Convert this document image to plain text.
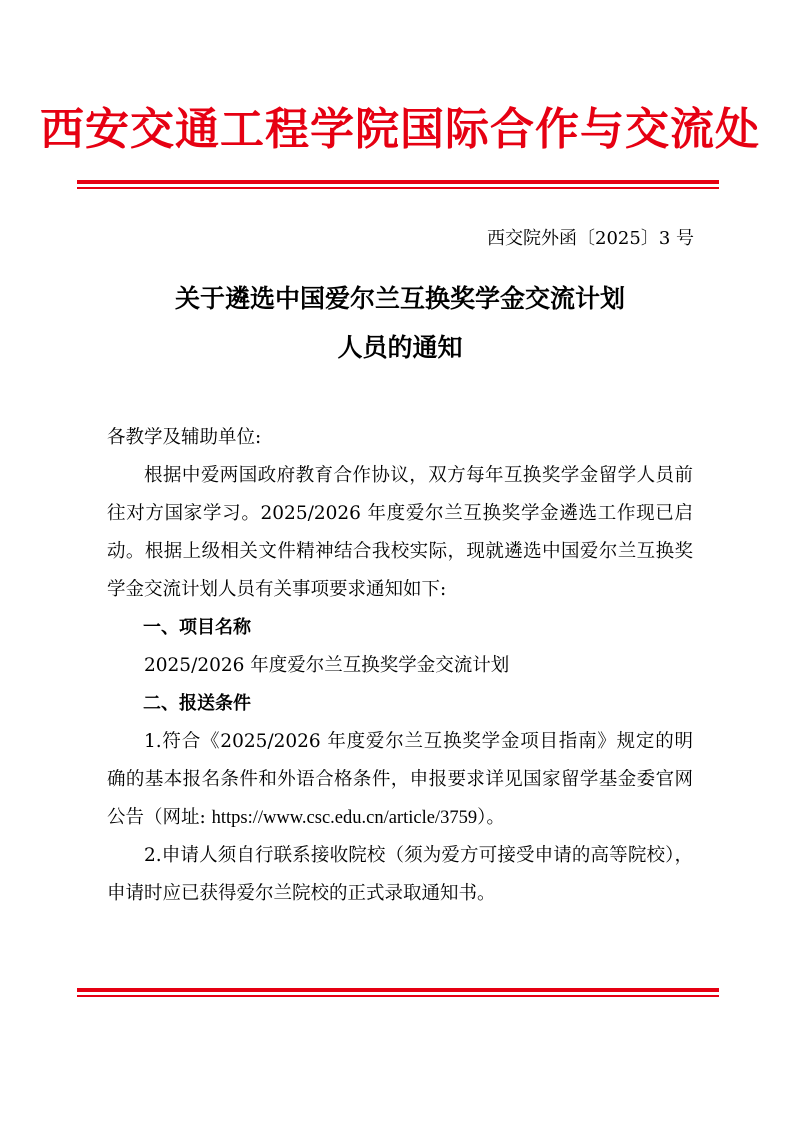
西安交通工程学院国际合作与交流处
西交院外函〔2025〕3 号
关于遴选中国爱尔兰互换奖学金交流计划
人员的通知

各教学及辅助单位:

根据中爱两国政府教育合作协议，双方每年互换奖学金留学人员前往对方国家学习。2025/2026 年度爱尔兰互换奖学金遴选工作现已启动。根据上级相关文件精神结合我校实际，现就遴选中国爱尔兰互换奖学金交流计划人员有关事项要求通知如下:

一、项目名称

2025/2026 年度爱尔兰互换奖学金交流计划

二、报送条件

1.符合《2025/2026 年度爱尔兰互换奖学金项目指南》规定的明确的基本报名条件和外语合格条件，申报要求详见国家留学基金委官网公告（网址: https://www.csc.edu.cn/article/3759）。

2.申请人须自行联系接收院校（须为爱方可接受申请的高等院校），申请时应已获得爱尔兰院校的正式录取通知书。
